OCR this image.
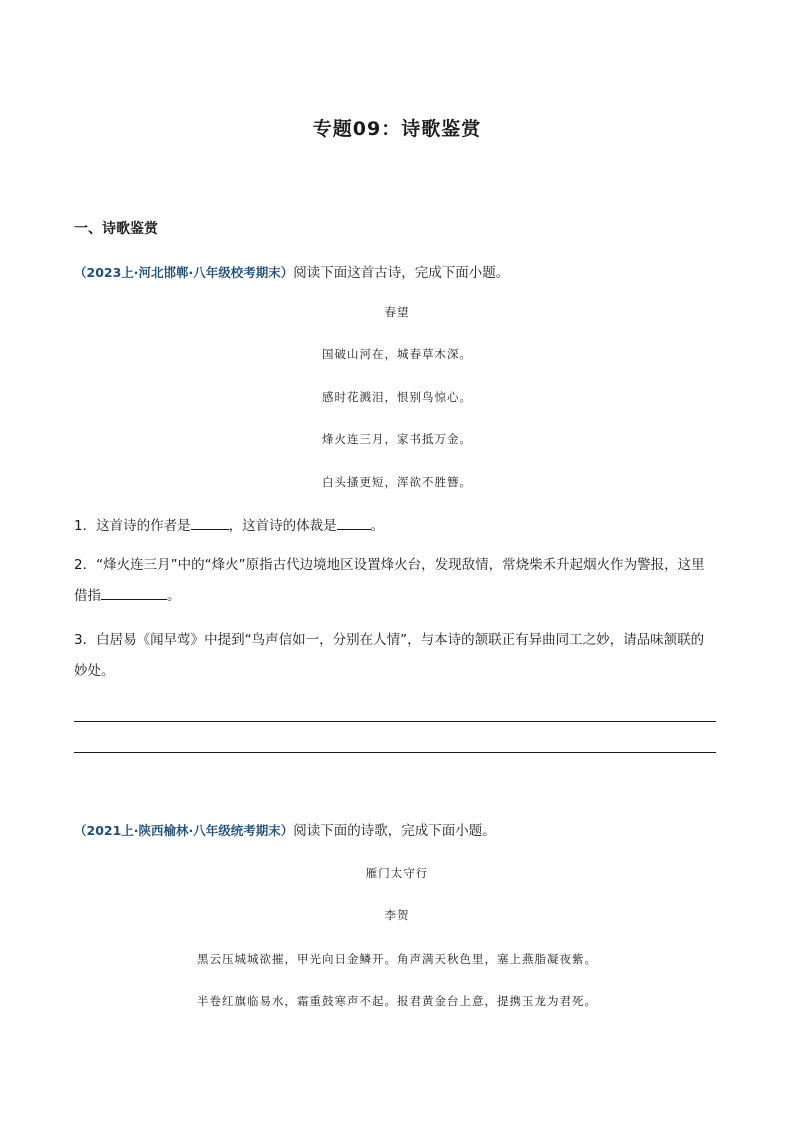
专题09：诗歌鉴赏
一、诗歌鉴赏
（2023上·河北邯郸·八年级校考期末）阅读下面这首古诗，完成下面小题。
春望
国破山河在，城春草木深。
感时花溅泪，恨别鸟惊心。
烽火连三月，家书抵万金。
白头搔更短，浑欲不胜簪。
1．这首诗的作者是	，这首诗的体裁是	。
2．“烽火连三月”中的“烽火”原指古代边境地区设置烽火台，发现敌情，常烧柴禾升起烟火作为警报，这里
借指	。
3．白居易《闻早莺》中提到“鸟声信如一，分别在人情”，与本诗的颔联正有异曲同工之妙，请品味颔联的
妙处。
（2021上·陕西榆林·八年级统考期末）阅读下面的诗歌，完成下面小题。
雁门太守行
李贺
黑云压城城欲摧，甲光向日金鳞开。角声满天秋色里，塞上燕脂凝夜紫。
半卷红旗临易水，霜重鼓寒声不起。报君黄金台上意，提携玉龙为君死。
